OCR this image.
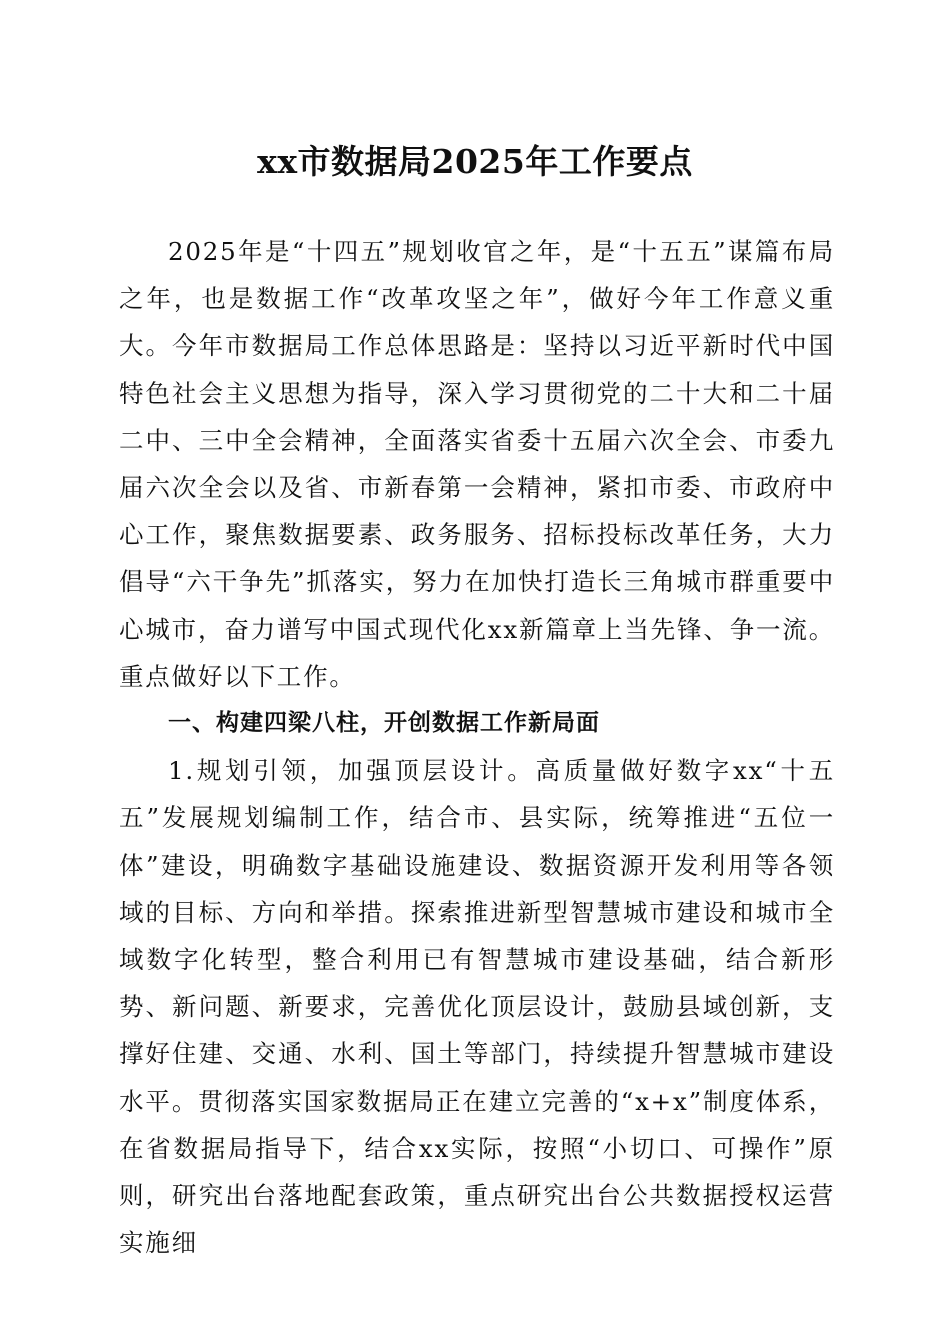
xx市数据局2025年工作要点

2025年是“十四五”规划收官之年，是“十五五”谋篇布局之年，也是数据工作“改革攻坚之年”，做好今年工作意义重大。今年市数据局工作总体思路是：坚持以习近平新时代中国特色社会主义思想为指导，深入学习贯彻党的二十大和二十届二中、三中全会精神，全面落实省委十五届六次全会、市委九届六次全会以及省、市新春第一会精神，紧扣市委、市政府中心工作，聚焦数据要素、政务服务、招标投标改革任务，大力倡导“六干争先”抓落实，努力在加快打造长三角城市群重要中心城市，奋力谱写中国式现代化xx新篇章上当先锋、争一流。重点做好以下工作。

一、构建四梁八柱，开创数据工作新局面

1.规划引领，加强顶层设计。高质量做好数字xx“十五五”发展规划编制工作，结合市、县实际，统筹推进“五位一体”建设，明确数字基础设施建设、数据资源开发利用等各领域的目标、方向和举措。探索推进新型智慧城市建设和城市全域数字化转型，整合利用已有智慧城市建设基础，结合新形势、新问题、新要求，完善优化顶层设计，鼓励县域创新，支撑好住建、交通、水利、国土等部门，持续提升智慧城市建设水平。贯彻落实国家数据局正在建立完善的“x+x”制度体系，在省数据局指导下，结合xx实际，按照“小切口、可操作”原则，研究出台落地配套政策，重点研究出台公共数据授权运营实施细
